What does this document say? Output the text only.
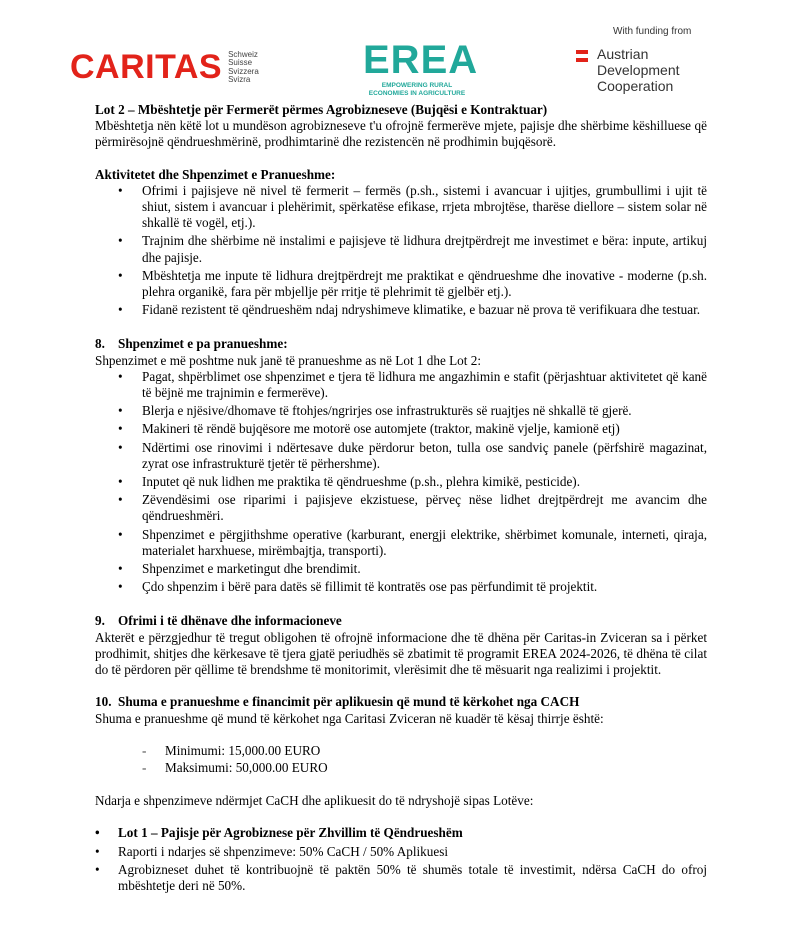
CARITAS Schweiz
Suisse
Svizzera
Svizra	EREA
EMPOWERING RURAL
ECONOMIES IN AGRICULTURE
With funding from
Austrian
Development
Cooperation

Lot 2 – Mbështetje për Fermerët përmes Agrobizneseve (Bujqësi e Kontraktuar)

Mbështetja nën këtë lot u mundëson agrobizneseve t'u ofrojnë fermerëve mjete, pajisje dhe shërbime këshilluese që përmirësojnë qëndrueshmërinë, prodhimtarinë dhe rezistencën në prodhimin bujqësorë.

Aktivitetet dhe Shpenzimet e Pranueshme:

• Ofrimi i pajisjeve në nivel të fermerit – fermës (p.sh., sistemi i avancuar i ujitjes, grumbullimi i ujit të shiut, sistem i avancuar i plehërimit, spërkatëse efikase, rrjeta mbrojtëse, tharëse diellore – sistem solar në shkallë të vogël, etj.).
• Trajnim dhe shërbime në instalimi e pajisjeve të lidhura drejtpërdrejt me investimet e bëra: inpute, artikuj dhe pajisje.
• Mbështetja me inpute të lidhura drejtpërdrejt me praktikat e qëndrueshme dhe inovative - moderne (p.sh. plehra organikë, fara për mbjellje për rritje të plehrimit të gjelbër etj.).
• Fidanë rezistent të qëndrueshëm ndaj ndryshimeve klimatike, e bazuar në prova të verifikuara dhe testuar.

8. Shpenzimet e pa pranueshme:

Shpenzimet e më poshtme nuk janë të pranueshme as në Lot 1 dhe Lot 2:

• Pagat, shpërblimet ose shpenzimet e tjera të lidhura me angazhimin e stafit (përjashtuar aktivitetet që kanë të bëjnë me trajnimin e fermerëve).
• Blerja e njësive/dhomave të ftohjes/ngrirjes ose infrastrukturës së ruajtjes në shkallë të gjerë.
• Makineri të rëndë bujqësore me motorë ose automjete (traktor, makinë vjelje, kamionë etj)
• Ndërtimi ose rinovimi i ndërtesave duke përdorur beton, tulla ose sandviç panele (përfshirë magazinat, zyrat ose infrastrukturë tjetër të përhershme).
• Inputet që nuk lidhen me praktika të qëndrueshme (p.sh., plehra kimikë, pesticide).
• Zëvendësimi ose riparimi i pajisjeve ekzistuese, përveç nëse lidhet drejtpërdrejt me avancim dhe qëndrueshmëri.
• Shpenzimet e përgjithshme operative (karburant, energji elektrike, shërbimet komunale, interneti, qiraja, materialet harxhuese, mirëmbajtja, transporti).
• Shpenzimet e marketingut dhe brendimit.
• Çdo shpenzim i bërë para datës së fillimit të kontratës ose pas përfundimit të projektit.

9. Ofrimi i të dhënave dhe informacioneve

Akterët e përzgjedhur të tregut obligohen të ofrojnë informacione dhe të dhëna për Caritas-in Zviceran sa i përket prodhimit, shitjes dhe kërkesave të tjera gjatë periudhës së zbatimit të programit EREA 2024-2026, të dhëna të cilat do të përdoren për qëllime të brendshme të monitorimit, vlerësimit dhe të mësuarit nga realizimi i projektit.

10. Shuma e pranueshme e financimit për aplikuesin që mund të kërkohet nga CACH

Shuma e pranueshme që mund të kërkohet nga Caritasi Zviceran në kuadër të kësaj thirrje është:

- Minimumi: 15,000.00 EURO
- Maksimumi: 50,000.00 EURO

Ndarja e shpenzimeve ndërmjet CaCH dhe aplikuesit do të ndryshojë sipas Lotëve:

• Lot 1 – Pajisje për Agrobiznese për Zhvillim të Qëndrueshëm
• Raporti i ndarjes së shpenzimeve: 50% CaCH / 50% Aplikuesi
• Agrobizneset duhet të kontribuojnë të paktën 50% të shumës totale të investimit, ndërsa CaCH do ofroj mbështetje deri në 50%.
